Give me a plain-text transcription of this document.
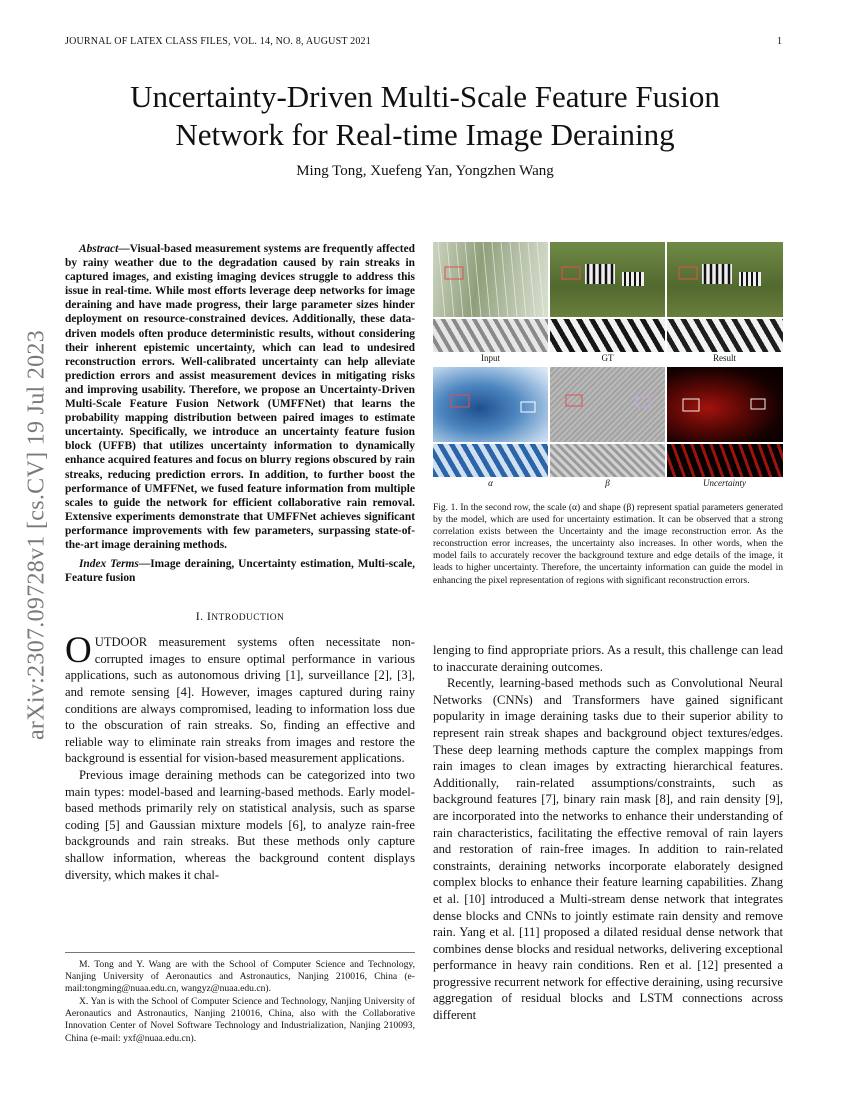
JOURNAL OF LATEX CLASS FILES, VOL. 14, NO. 8, AUGUST 2021	1
Uncertainty-Driven Multi-Scale Feature Fusion
Network for Real-time Image Deraining
Ming Tong, Xuefeng Yan, Yongzhen Wang
arXiv:2307.09728v1 [cs.CV] 19 Jul 2023

Abstract—Visual-based measurement systems are frequently affected by rainy weather due to the degradation caused by rain streaks in captured images, and existing imaging devices struggle to address this issue in real-time. While most efforts leverage deep networks for image deraining and have made progress, their large parameter sizes hinder deployment on resource-constrained devices. Additionally, these data-driven models often produce deterministic results, without considering their inherent epistemic uncertainty, which can lead to undesired reconstruction errors. Well-calibrated uncertainty can help alleviate prediction errors and assist measurement devices in mitigating risks and improving usability. Therefore, we propose an Uncertainty-Driven Multi-Scale Feature Fusion Network (UMFFNet) that learns the probability mapping distribution between paired images to estimate uncertainty. Specifically, we introduce an uncertainty feature fusion block (UFFB) that utilizes uncertainty information to dynamically enhance acquired features and focus on blurry regions obscured by rain streaks, reducing prediction errors. In addition, to further boost the performance of UMFFNet, we fused feature information from multiple scales to guide the network for efficient collaborative rain removal. Extensive experiments demonstrate that UMFFNet achieves significant performance improvements with few parameters, surpassing state-of-the-art image deraining methods.

Index Terms—Image deraining, Uncertainty estimation, Multi-scale, Feature fusion

I. INTRODUCTION

OUTDOOR measurement systems often necessitate non-corrupted images to ensure optimal performance in various applications, such as autonomous driving [1], surveillance [2], [3], and remote sensing [4]. However, images captured during rainy conditions are always compromised, leading to information loss due to the obscuration of rain streaks. So, finding an effective and reliable way to eliminate rain streaks from images and restore the background is essential for vision-based measurement applications.

Previous image deraining methods can be categorized into two main types: model-based and learning-based methods. Early model-based methods primarily rely on statistical analysis, such as sparse coding [5] and Gaussian mixture models [6], to analyze rain-free backgrounds and rain streaks. But these methods only capture shallow information, whereas the background content displays diversity, which makes it chal-

M. Tong and Y. Wang are with the School of Computer Science and Technology, Nanjing University of Aeronautics and Astronautics, Nanjing 210016, China (e-mail:tongming@nuaa.edu.cn, wangyz@nuaa.edu.cn).

X. Yan is with the School of Computer Science and Technology, Nanjing University of Aeronautics and Astronautics, Nanjing 210016, China, also with the Collaborative Innovation Center of Novel Software Technology and Industrialization, Nanjing 210093, China (e-mail: yxf@nuaa.edu.cn).

Input	GT	Result
α	β	Uncertainty
Fig. 1. In the second row, the scale (α) and shape (β) represent spatial parameters generated by the model, which are used for uncertainty estimation. It can be observed that a strong correlation exists between the Uncertainty and the image reconstruction error. As the reconstruction error increases, the uncertainty also increases. In other words, when the model fails to accurately recover the background texture and edge details of the image, it leads to higher uncertainty. Therefore, the uncertainty information can guide the model in enhancing the pixel representation of regions with significant reconstruction errors.

lenging to find appropriate priors. As a result, this challenge can lead to inaccurate deraining outcomes.

Recently, learning-based methods such as Convolutional Neural Networks (CNNs) and Transformers have gained significant popularity in image deraining tasks due to their superior ability to represent rain streak shapes and background object textures/edges. These deep learning methods capture the complex mappings from rain images to clean images by extracting hierarchical features. Additionally, rain-related assumptions/constraints, such as background features [7], binary rain mask [8], and rain density [9], are incorporated into the networks to enhance their understanding of rain characteristics, facilitating the effective removal of rain layers and restoration of rain-free images. In addition to rain-related constraints, deraining networks incorporate elaborately designed complex blocks to enhance their feature learning capabilities. Zhang et al. [10] introduced a Multi-stream dense network that integrates dense blocks and CNNs to jointly estimate rain density and remove rain. Yang et al. [11] proposed a dilated residual dense network that combines dense blocks and residual networks, delivering exceptional performance in heavy rain conditions. Ren et al. [12] presented a progressive recurrent network for effective deraining, using recursive aggregation of residual blocks and LSTM connections across different
